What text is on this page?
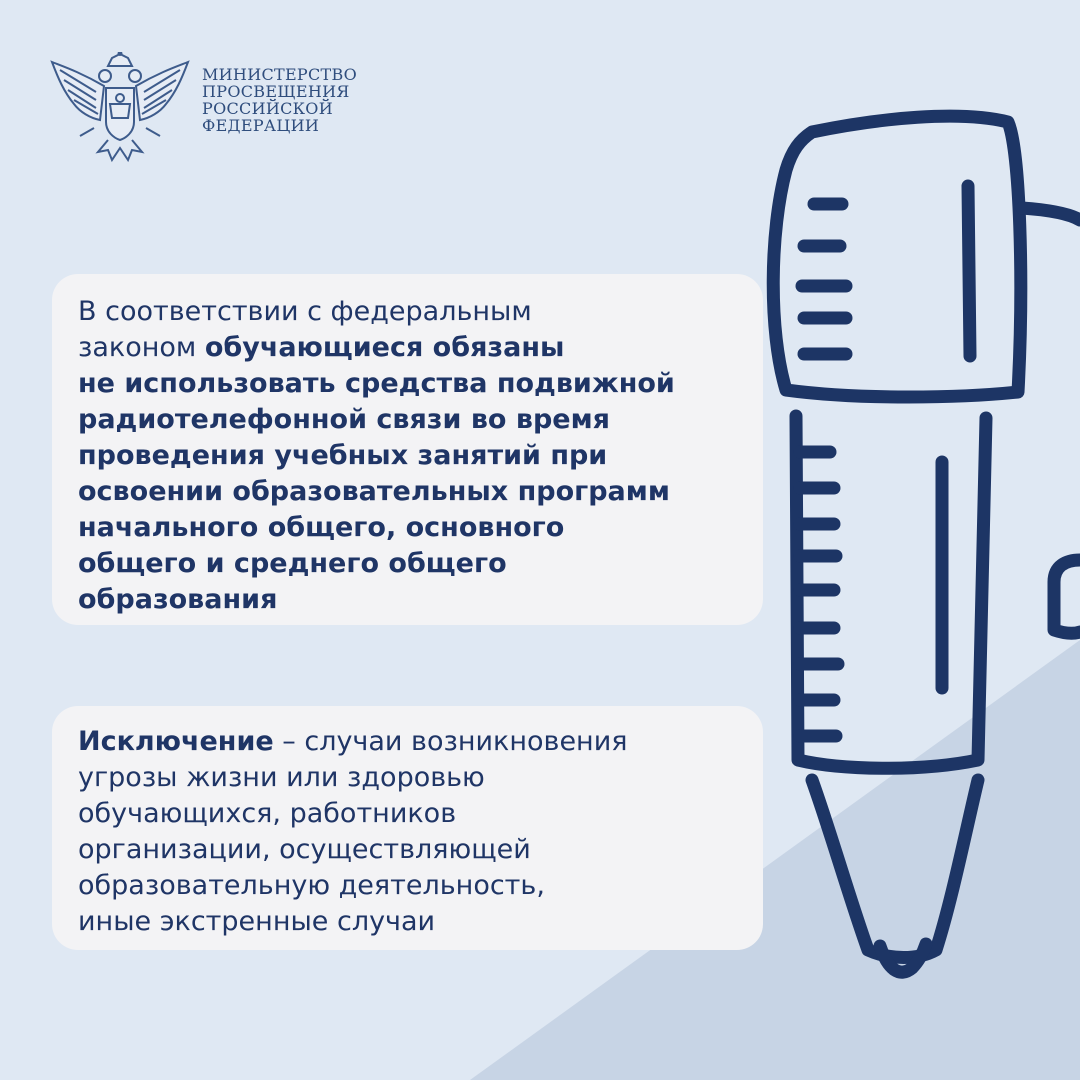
МИНИСТЕРСТВО
ПРОСВЕЩЕНИЯ
РОССИЙСКОЙ
ФЕДЕРАЦИИ
В соответствии с федеральным
законом обучающиеся обязаны
не использовать средства подвижной
радиотелефонной связи во время
проведения учебных занятий при
освоении образовательных программ
начального общего, основного
общего и среднего общего
образования
Исключение – случаи возникновения
угрозы жизни или здоровью
обучающихся, работников
организации, осуществляющей
образовательную деятельность,
иные экстренные случаи
